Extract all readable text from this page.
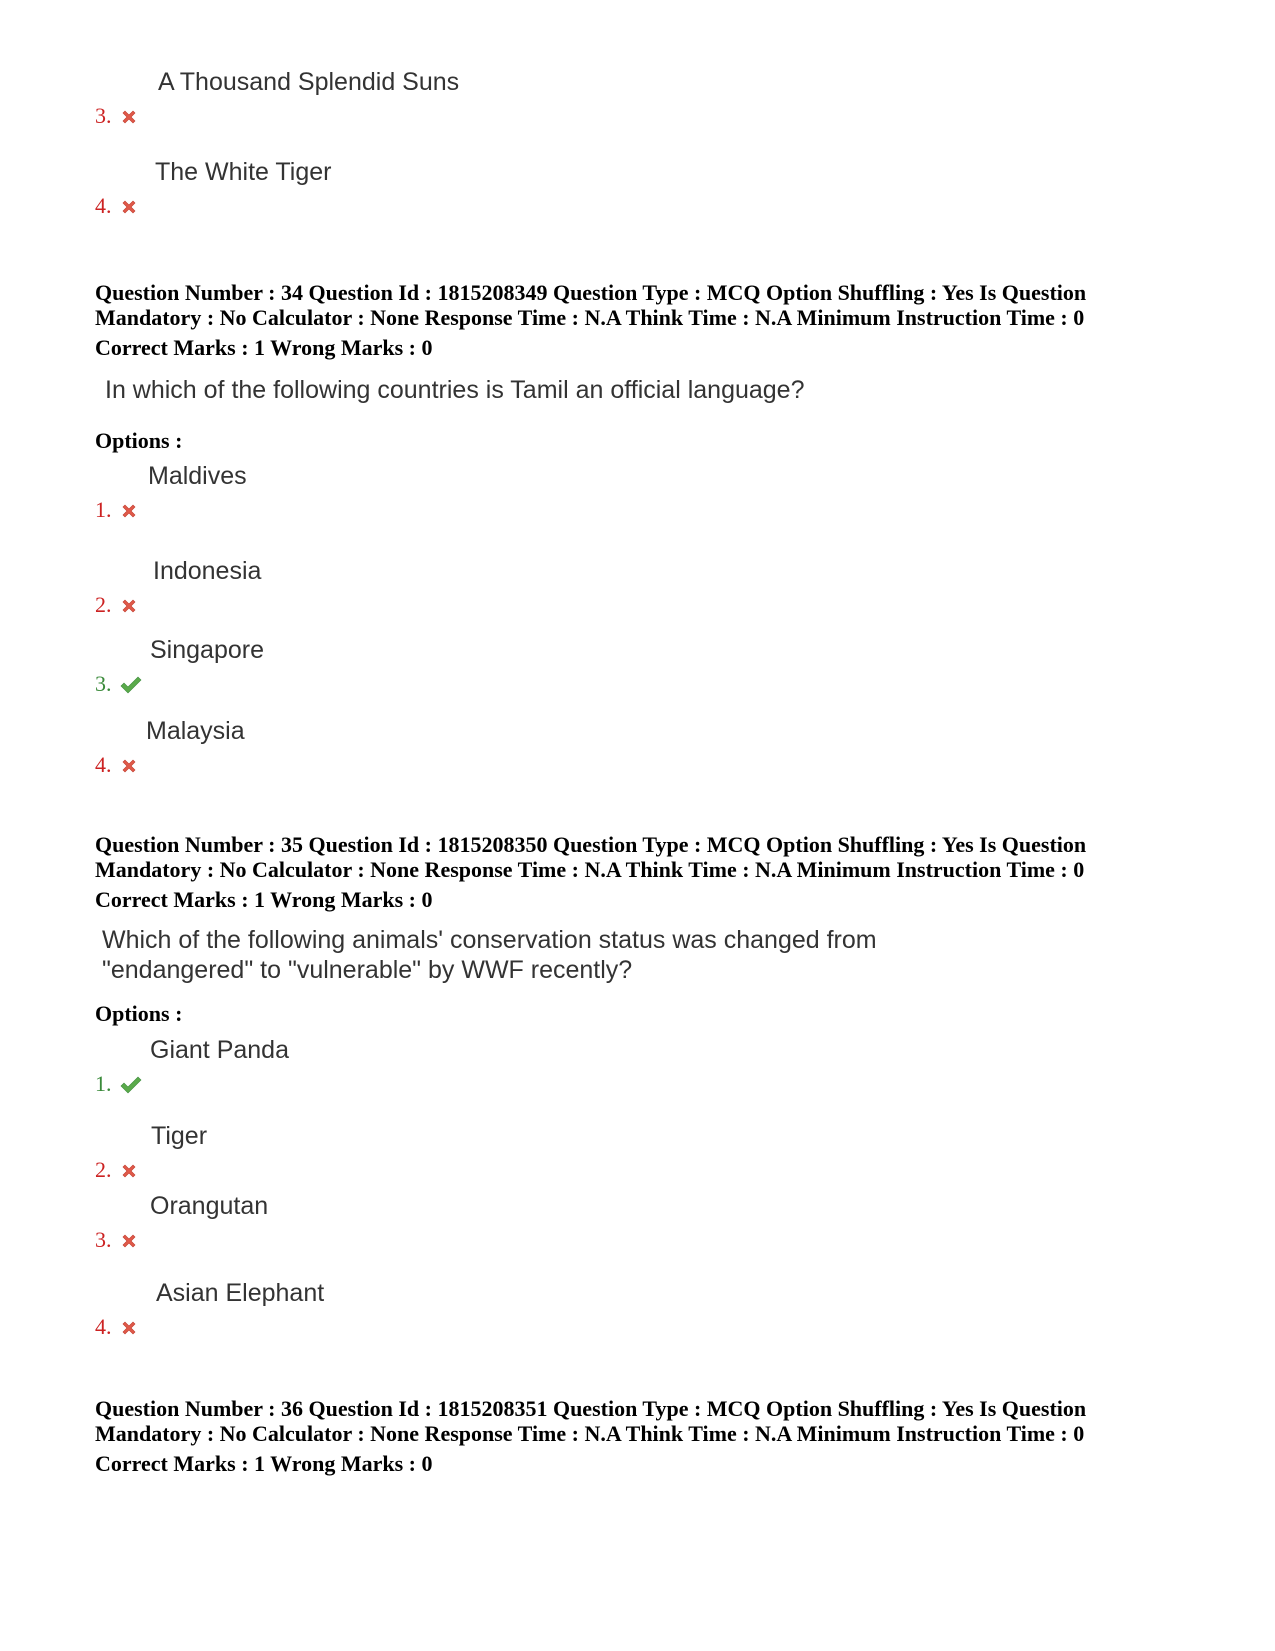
3.
A Thousand Splendid Suns
4.
The White Tiger
Question Number : 34 Question Id : 1815208349 Question Type : MCQ Option Shuffling : Yes Is Question
Mandatory : No Calculator : None Response Time : N.A Think Time : N.A Minimum Instruction Time : 0
Correct Marks : 1 Wrong Marks : 0
In which of the following countries is Tamil an official language?
Options :
1.
Maldives
2.
Indonesia
3.
Singapore
4.
Malaysia
Question Number : 35 Question Id : 1815208350 Question Type : MCQ Option Shuffling : Yes Is Question
Mandatory : No Calculator : None Response Time : N.A Think Time : N.A Minimum Instruction Time : 0
Correct Marks : 1 Wrong Marks : 0
Which of the following animals' conservation status was changed from
"endangered" to "vulnerable" by WWF recently?
Options :
1.
Giant Panda
2.
Tiger
3.
Orangutan
4.
Asian Elephant
Question Number : 36 Question Id : 1815208351 Question Type : MCQ Option Shuffling : Yes Is Question
Mandatory : No Calculator : None Response Time : N.A Think Time : N.A Minimum Instruction Time : 0
Correct Marks : 1 Wrong Marks : 0
